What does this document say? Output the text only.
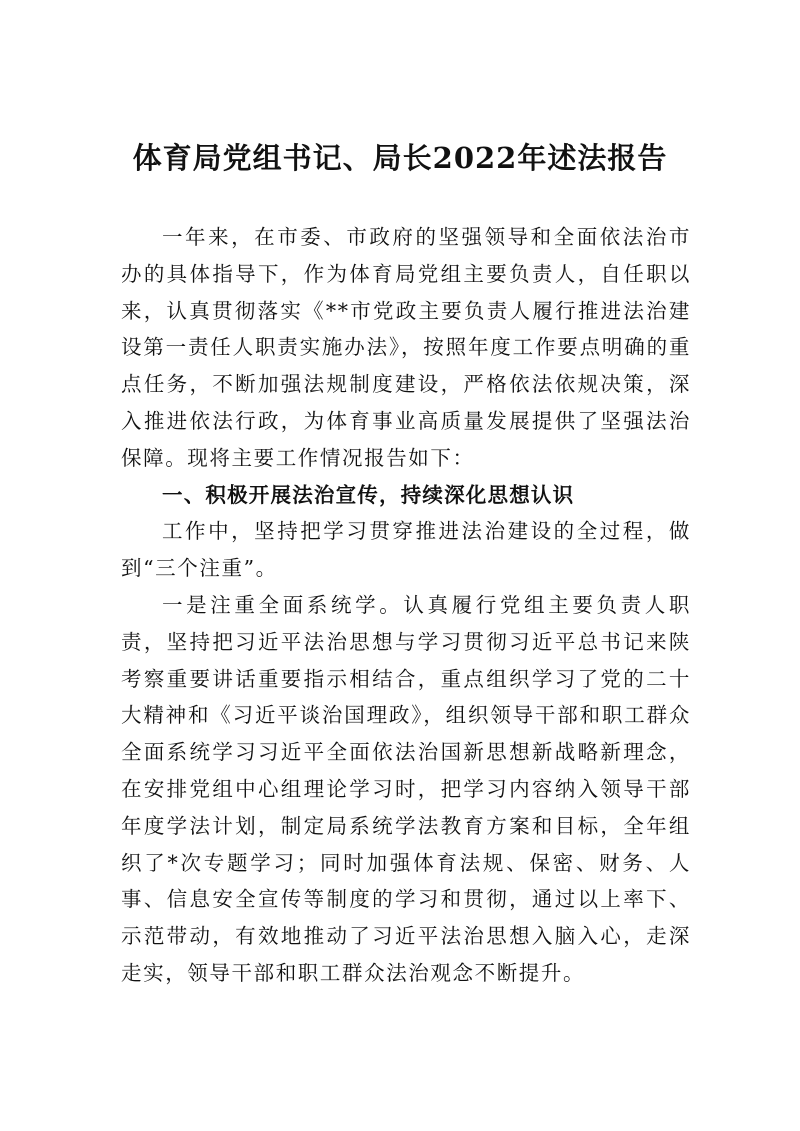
体育局党组书记、局长2022年述法报告

一年来，在市委、市政府的坚强领导和全面依法治市办的具体指导下，作为体育局党组主要负责人，自任职以来，认真贯彻落实《**市党政主要负责人履行推进法治建设第一责任人职责实施办法》，按照年度工作要点明确的重点任务，不断加强法规制度建设，严格依法依规决策，深入推进依法行政，为体育事业高质量发展提供了坚强法治保障。现将主要工作情况报告如下：

一、积极开展法治宣传，持续深化思想认识

工作中，坚持把学习贯穿推进法治建设的全过程，做到“三个注重”。

一是注重全面系统学。认真履行党组主要负责人职责，坚持把习近平法治思想与学习贯彻习近平总书记来陕考察重要讲话重要指示相结合，重点组织学习了党的二十大精神和《习近平谈治国理政》，组织领导干部和职工群众全面系统学习习近平全面依法治国新思想新战略新理念，在安排党组中心组理论学习时，把学习内容纳入领导干部年度学法计划，制定局系统学法教育方案和目标，全年组织了*次专题学习；同时加强体育法规、保密、财务、人事、信息安全宣传等制度的学习和贯彻，通过以上率下、示范带动，有效地推动了习近平法治思想入脑入心，走深走实，领导干部和职工群众法治观念不断提升。
